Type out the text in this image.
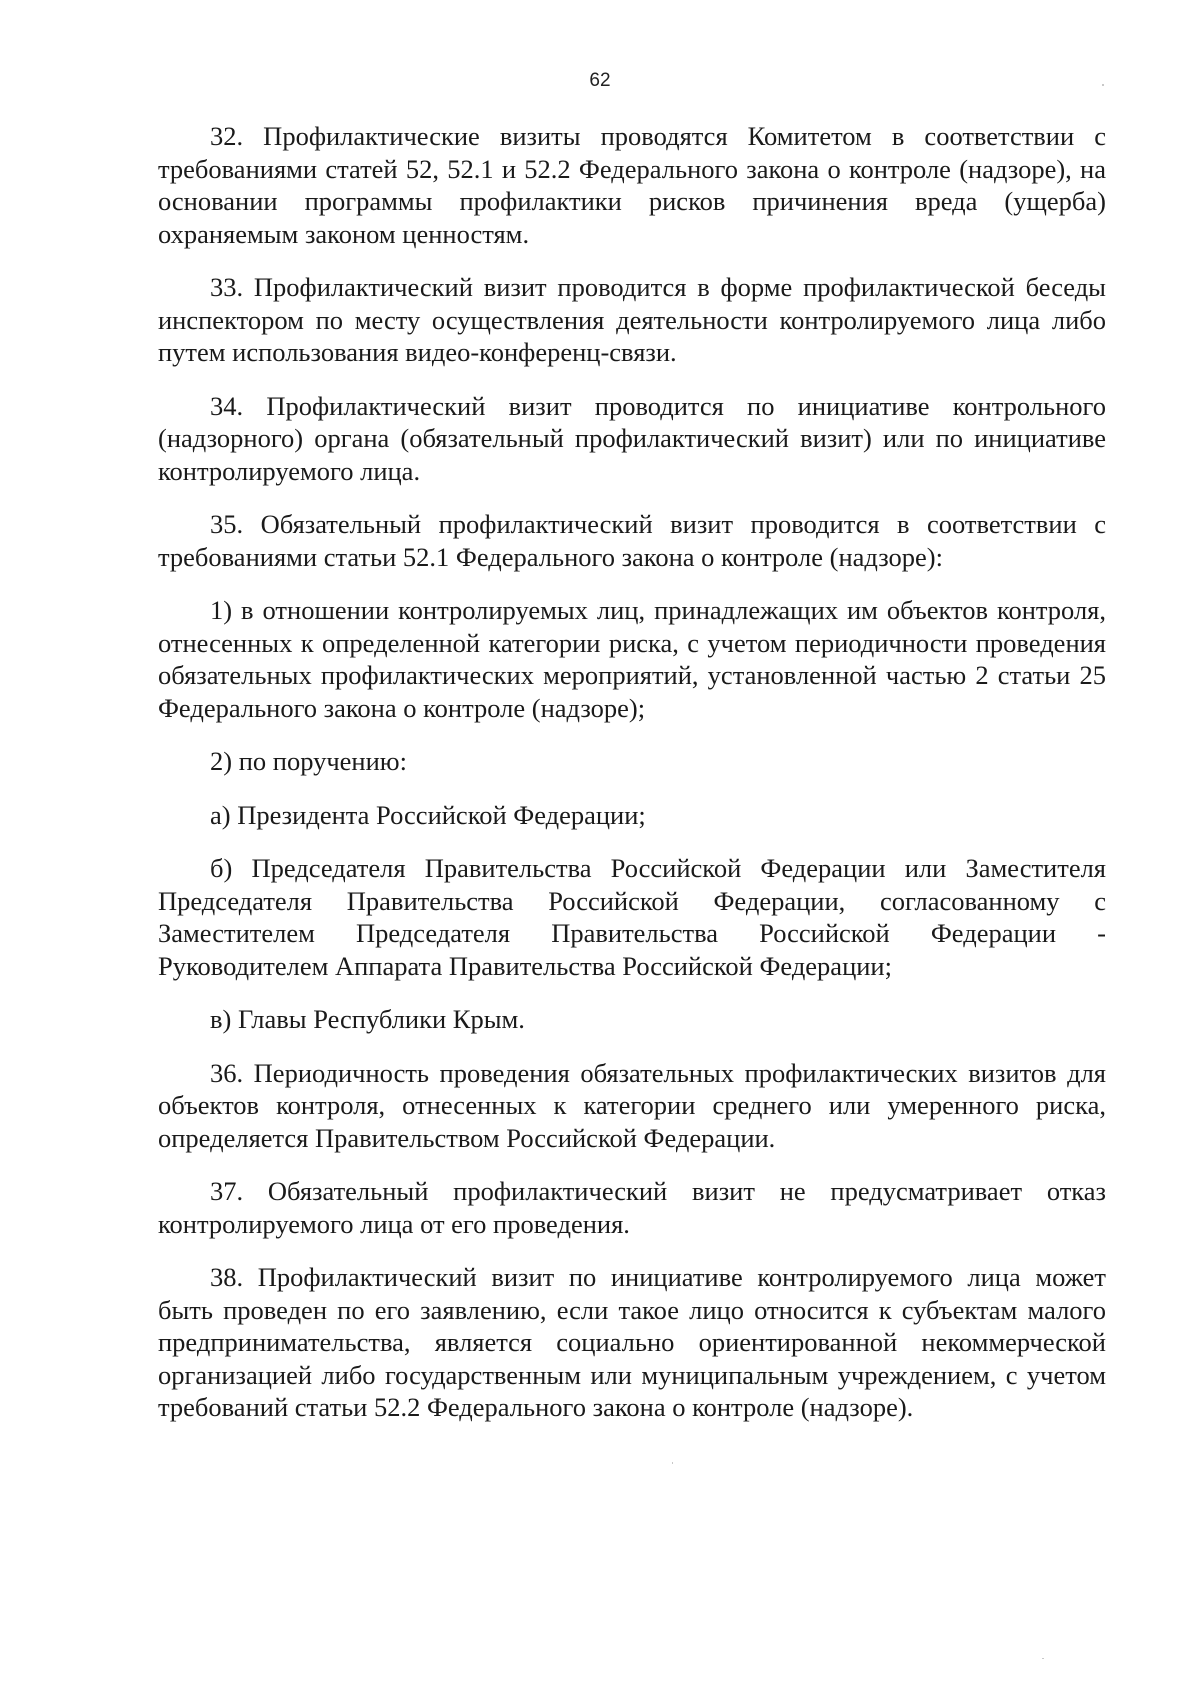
62

32. Профилактические визиты проводятся Комитетом в соответствии с требованиями статей 52, 52.1 и 52.2 Федерального закона о контроле (надзоре), на основании программы профилактики рисков причинения вреда (ущерба) охраняемым законом ценностям.

33. Профилактический визит проводится в форме профилактической беседы инспектором по месту осуществления деятельности контролируемого лица либо путем использования видео-конференц-связи.

34. Профилактический визит проводится по инициативе контрольного (надзорного) органа (обязательный профилактический визит) или по инициативе контролируемого лица.

35. Обязательный профилактический визит проводится в соответствии с требованиями статьи 52.1 Федерального закона о контроле (надзоре):

1) в отношении контролируемых лиц, принадлежащих им объектов контроля, отнесенных к определенной категории риска, с учетом периодичности проведения обязательных профилактических мероприятий, установленной частью 2 статьи 25 Федерального закона о контроле (надзоре);

2) по поручению:

а) Президента Российской Федерации;

б) Председателя Правительства Российской Федерации или Заместителя Председателя Правительства Российской Федерации, согласованному с Заместителем Председателя Правительства Российской Федерации - Руководителем Аппарата Правительства Российской Федерации;

в) Главы Республики Крым.

36. Периодичность проведения обязательных профилактических визитов для объектов контроля, отнесенных к категории среднего или умеренного риска, определяется Правительством Российской Федерации.

37. Обязательный профилактический визит не предусматривает отказ контролируемого лица от его проведения.

38. Профилактический визит по инициативе контролируемого лица может быть проведен по его заявлению, если такое лицо относится к субъектам малого предпринимательства, является социально ориентированной некоммерческой организацией либо государственным или муниципальным учреждением, с учетом требований статьи 52.2 Федерального закона о контроле (надзоре).
